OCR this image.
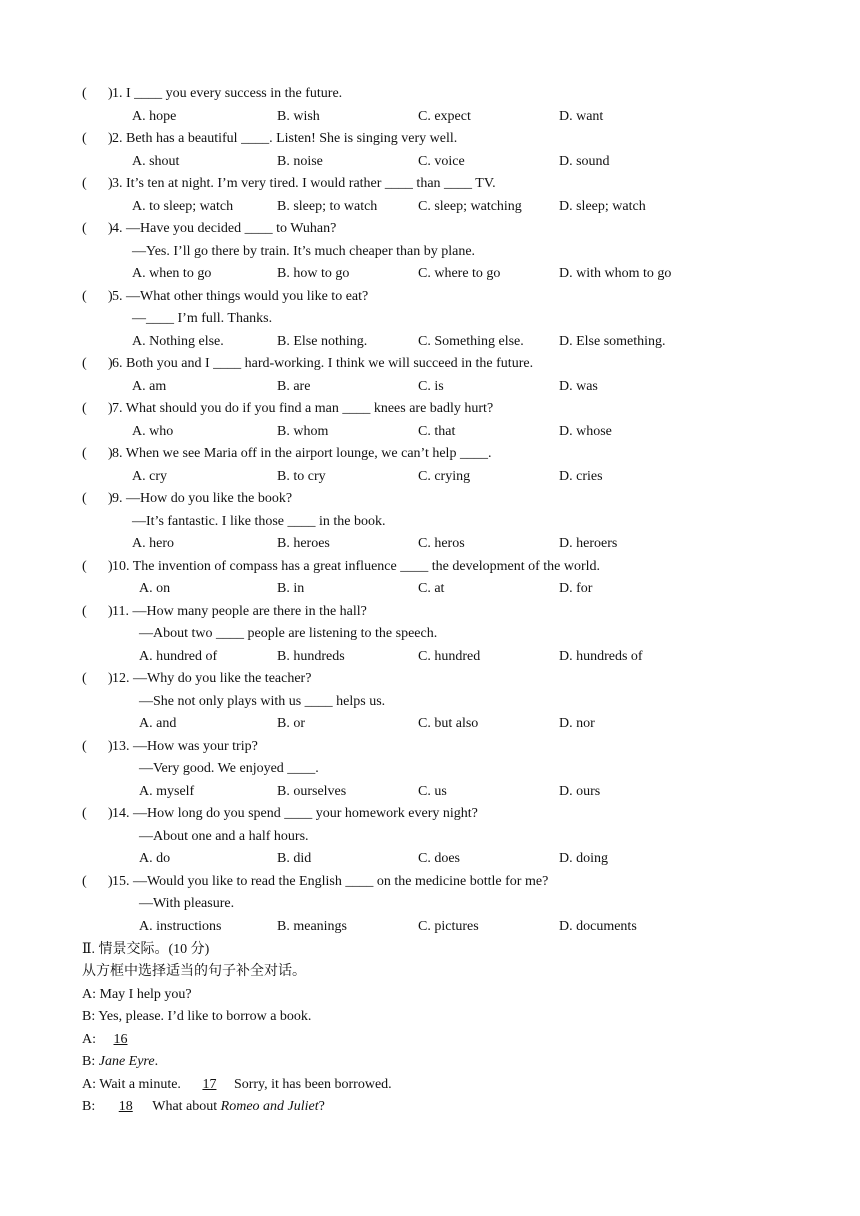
( ) 1. I ____ you every success in the future.
A. hope	B. wish	C. expect	D. want
( ) 2. Beth has a beautiful ____. Listen! She is singing very well.
A. shout	B. noise	C. voice	D. sound
( ) 3. It’s ten at night. I’m very tired. I would rather ____ than ____ TV.
A. to sleep; watch	B. sleep; to watch	C. sleep; watching	D. sleep; watch
( ) 4. —Have you decided ____ to Wuhan?
—Yes. I’ll go there by train. It’s much cheaper than by plane.
A. when to go	B. how to go	C. where to go	D. with whom to go
( ) 5. —What other things would you like to eat?
—____ I’m full. Thanks.
A. Nothing else.	B. Else nothing.	C. Something else.	D. Else something.
( ) 6. Both you and I ____ hard-working. I think we will succeed in the future.
A. am	B. are	C. is	D. was
( ) 7. What should you do if you find a man ____ knees are badly hurt?
A. who	B. whom	C. that	D. whose
( ) 8. When we see Maria off in the airport lounge, we can’t help ____.
A. cry	B. to cry	C. crying	D. cries
( ) 9. —How do you like the book?
—It’s fantastic. I like those ____ in the book.
A. hero	B. heroes	C. heros	D. heroers
( ) 10. The invention of compass has a great influence ____ the development of the world.
A. on	B. in	C. at	D. for
( ) 11. —How many people are there in the hall?
—About two ____ people are listening to the speech.
A. hundred of	B. hundreds	C. hundred	D. hundreds of
( ) 12. —Why do you like the teacher?
—She not only plays with us ____ helps us.
A. and	B. or	C. but also	D. nor
( ) 13. —How was your trip?
—Very good. We enjoyed ____.
A. myself	B. ourselves	C. us	D. ours
( ) 14. —How long do you spend ____ your homework every night?
—About one and a half hours.
A. do	B. did	C. does	D. doing
( ) 15. —Would you like to read the English ____ on the medicine bottle for me?
—With pleasure.
A. instructions	B. meanings	C. pictures	D. documents
Ⅱ. 情景交际。(10 分)
从方框中选择适当的句子补全对话。
A: May I help you?
B: Yes, please. I’d like to borrow a book.
A: 16
B: Jane Eyre.
A: Wait a minute. 17 Sorry, it has been borrowed.
B: 18 What about Romeo and Juliet?
